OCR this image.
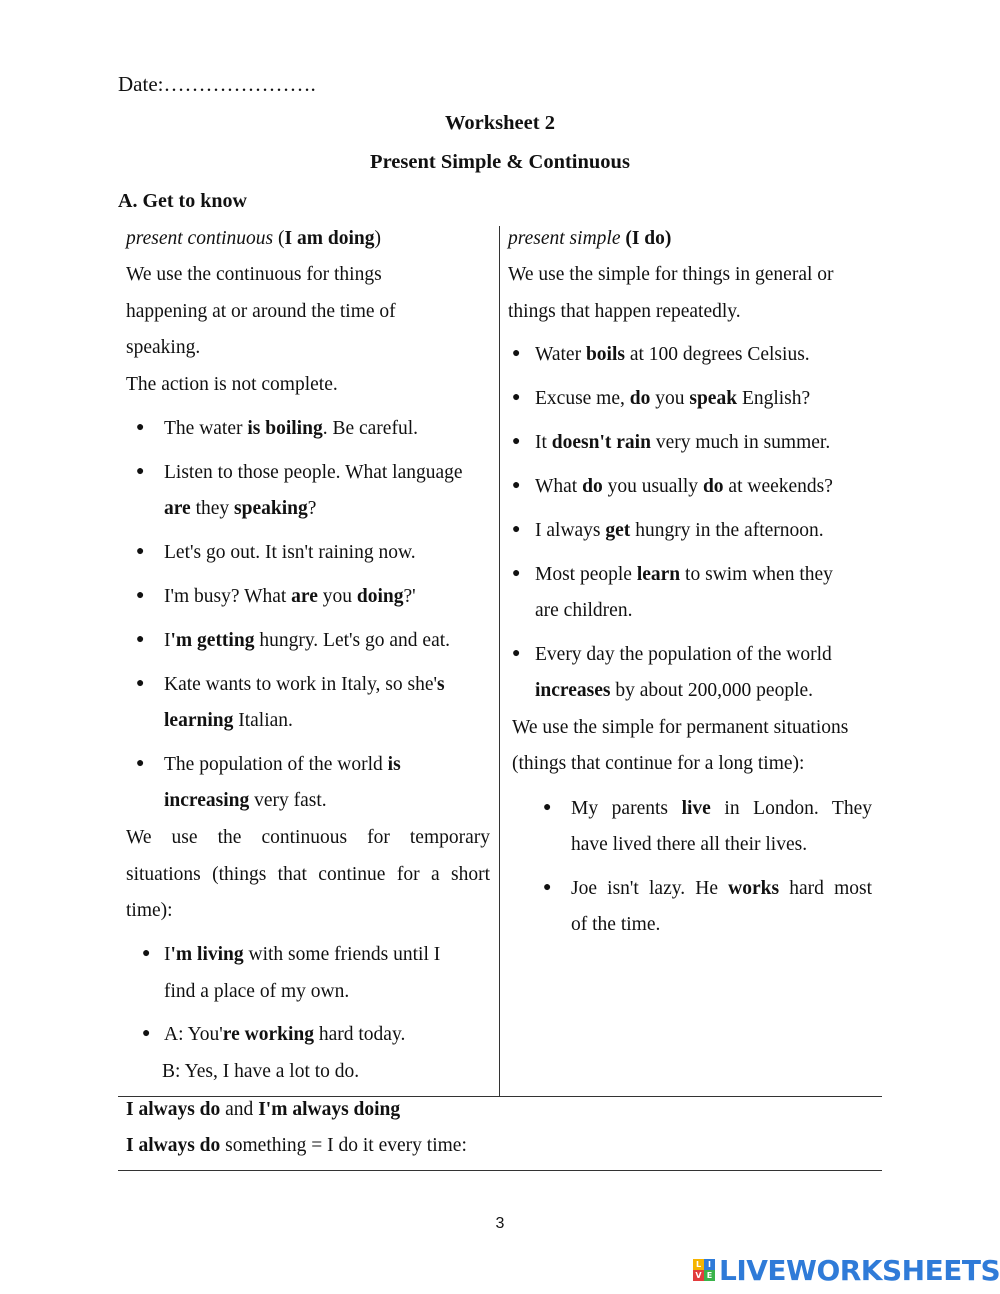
Date:………………….
Worksheet 2
Present Simple & Continuous
A. Get to know
present continuous (I am doing)
We use the continuous for things
happening at or around the time of
speaking.
The action is not complete.
● The water is boiling. Be careful.
● Listen to those people. What language
are they speaking?
● Let's go out. It isn't raining now.
● I'm busy? What are you doing?'
● I'm getting hungry. Let's go and eat.
● Kate wants to work in Italy, so she's
learning Italian.
● The population of the world is
increasing very fast.
We use the continuous for temporary
situations (things that continue for a short
time):
● I'm living with some friends until I
find a place of my own.
● A: You're working hard today.
B: Yes, I have a lot to do.
present simple (I do)
We use the simple for things in general or
things that happen repeatedly.
● Water boils at 100 degrees Celsius.
● Excuse me, do you speak English?
● It doesn't rain very much in summer.
● What do you usually do at weekends?
● I always get hungry in the afternoon.
● Most people learn to swim when they
are children.
● Every day the population of the world
increases by about 200,000 people.
We use the simple for permanent situations
(things that continue for a long time):
● My parents live in London. They
have lived there all their lives.
● Joe isn't lazy. He works hard most
of the time.
I always do and I'm always doing
I always do something = I do it every time:
3
L I
V E LIVEWORKSHEETS
